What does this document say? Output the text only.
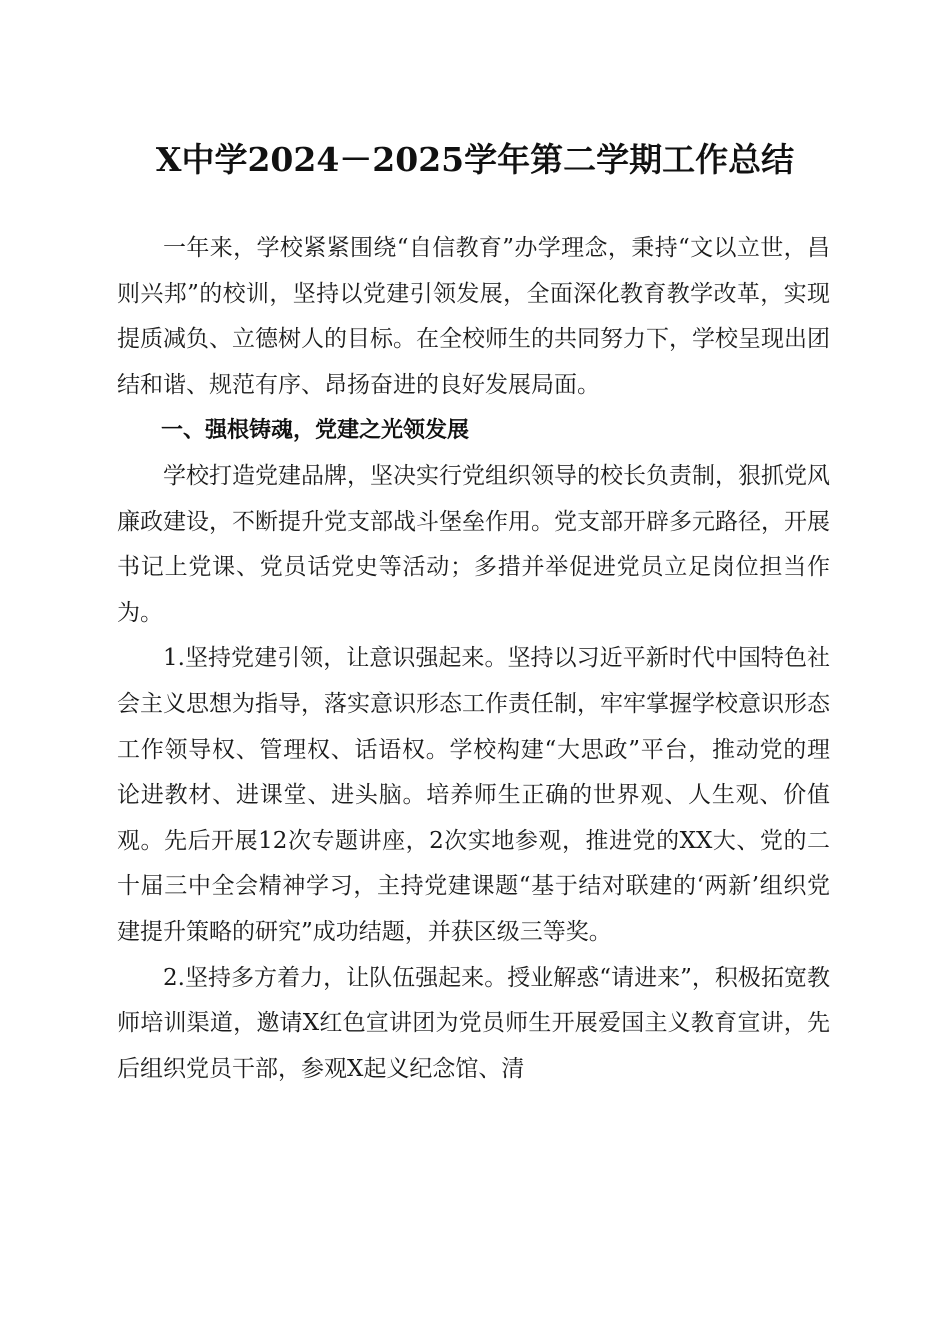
X中学2024－2025学年第二学期工作总结

一年来，学校紧紧围绕“自信教育”办学理念，秉持“文以立世，昌则兴邦”的校训，坚持以党建引领发展，全面深化教育教学改革，实现提质减负、立德树人的目标。在全校师生的共同努力下，学校呈现出团结和谐、规范有序、昂扬奋进的良好发展局面。

一、强根铸魂，党建之光领发展

学校打造党建品牌，坚决实行党组织领导的校长负责制，狠抓党风廉政建设，不断提升党支部战斗堡垒作用。党支部开辟多元路径，开展书记上党课、党员话党史等活动；多措并举促进党员立足岗位担当作为。

1.坚持党建引领，让意识强起来。坚持以习近平新时代中国特色社会主义思想为指导，落实意识形态工作责任制，牢牢掌握学校意识形态工作领导权、管理权、话语权。学校构建“大思政”平台，推动党的理论进教材、进课堂、进头脑。培养师生正确的世界观、人生观、价值观。先后开展12次专题讲座，2次实地参观，推进党的XX大、党的二十届三中全会精神学习，主持党建课题“基于结对联建的‘两新’组织党建提升策略的研究”成功结题，并获区级三等奖。

2.坚持多方着力，让队伍强起来。授业解惑“请进来”，积极拓宽教师培训渠道，邀请X红色宣讲团为党员师生开展爱国主义教育宣讲，先后组织党员干部，参观X起义纪念馆、清
